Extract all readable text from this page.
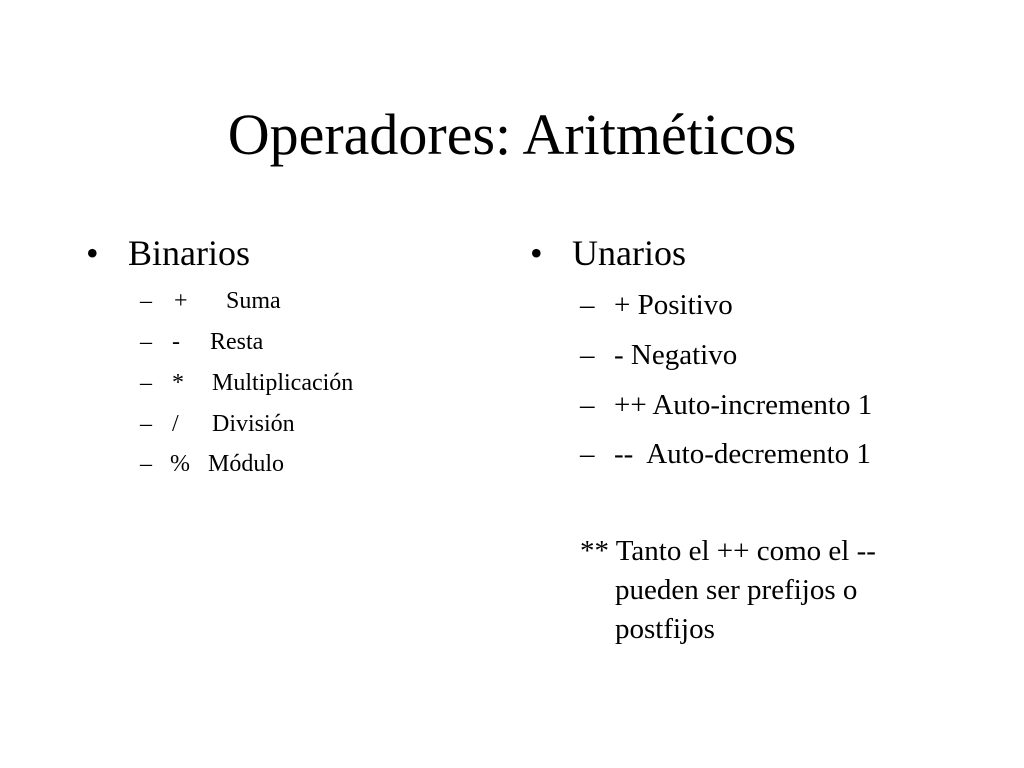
Operadores: Aritméticos
• Binarios
– + Suma
– - Resta
– * Multiplicación
– / División
– % Módulo
• Unarios
– + Positivo
– - Negativo
– ++ Auto-incremento 1
– --  Auto-decremento 1
** Tanto el ++ como el --
pueden ser prefijos o
postfijos
